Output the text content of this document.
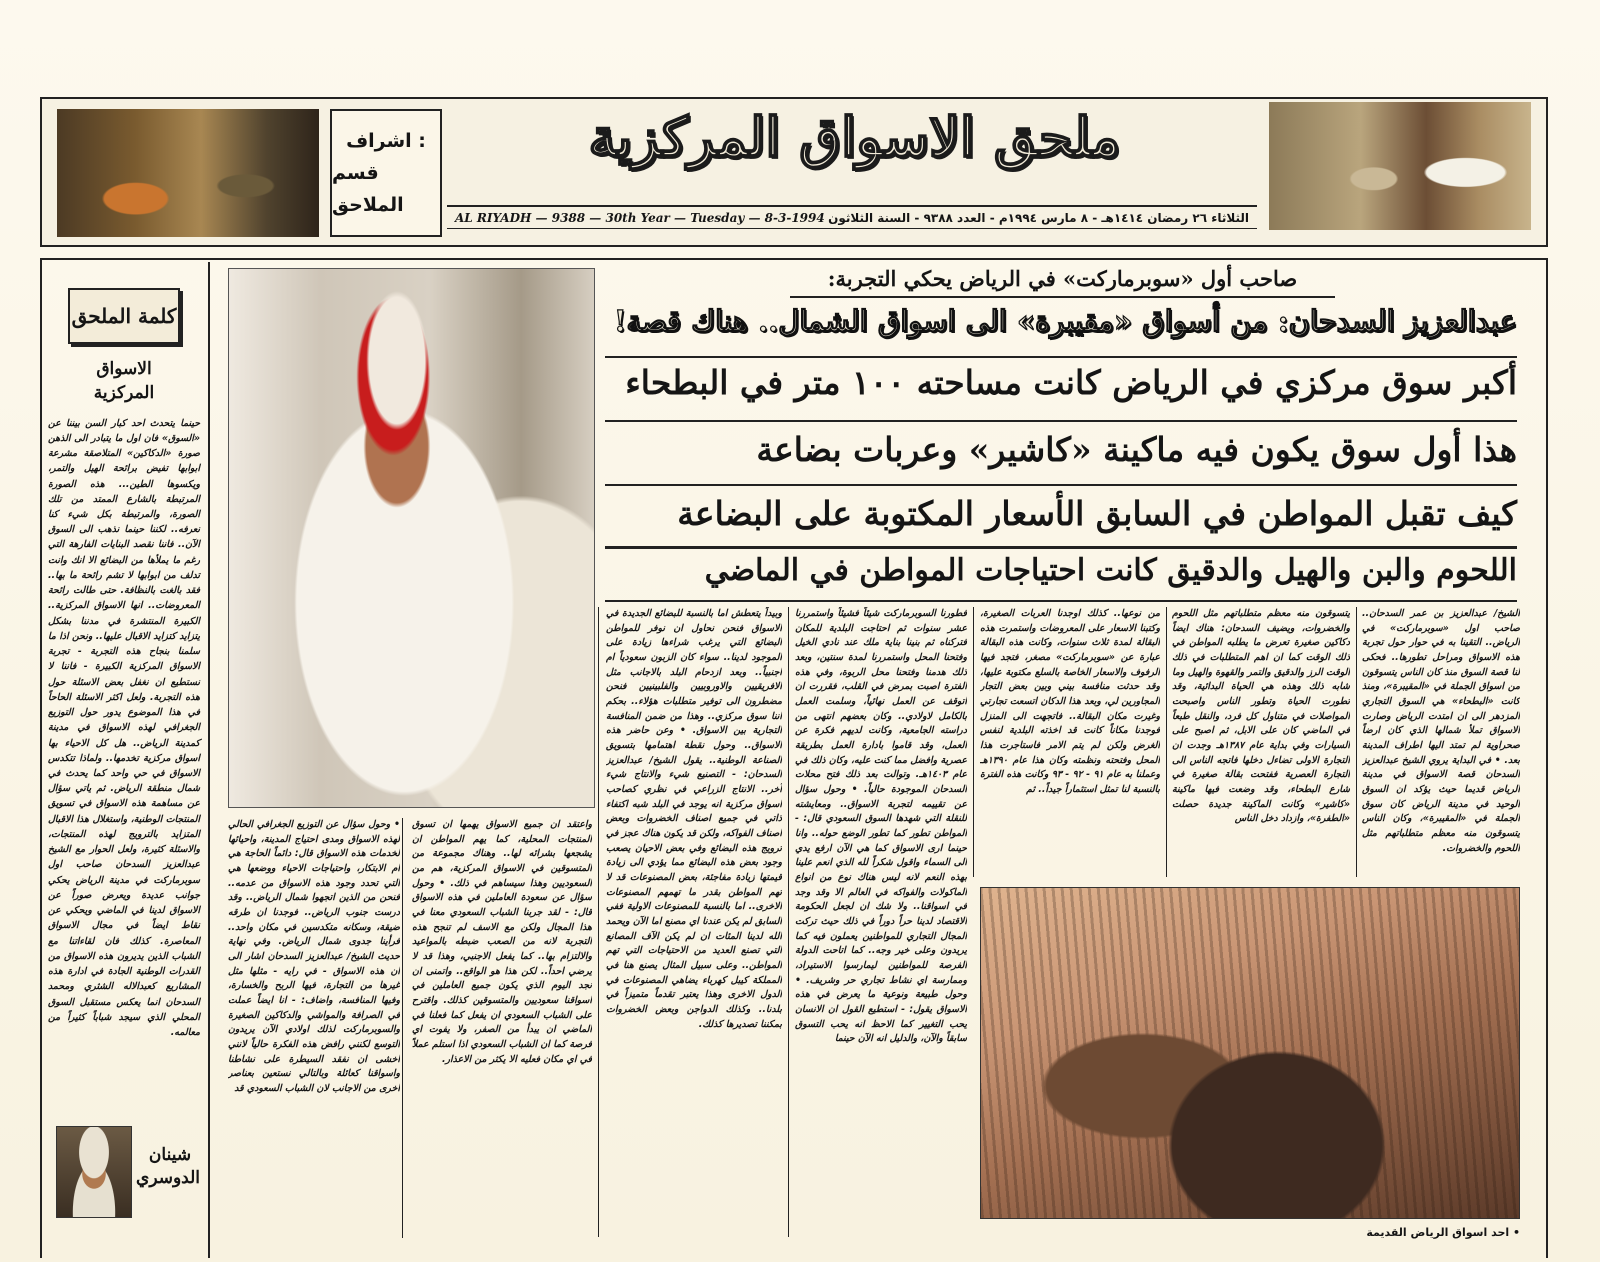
اشراف :
قسم الملاحق
ملحق الاسواق المركزية
AL RIYADH — 9388 — 30th Year — Tuesday — 8-3-1994 الثلاثاء ٢٦ رمضان ١٤١٤هـ - ٨ مارس ١٩٩٤م - العدد ٩٣٨٨ - السنة الثلاثون
كلمة الملحق
الاسواق
المركزية
حينما يتحدث احد كبار السن بيننا عن «السوق» فان اول ما يتبادر الى الذهن صورة «الدكاكين» المتلاصقة مشرعة ابوابها تفيض برائحة الهيل والتمر، ويكسوها الطين... هذه الصورة المرتبطة بالشارع الممتد من تلك الصورة، والمرتبطة بكل شيء كنا نعرفه.. لكننا حينما نذهب الى السوق الآن.. فاننا نقصد البنايات الفارهة التي رغم ما يملأها من البضائع الا انك وانت تدلف من ابوابها لا تشم رائحة ما بها.. فقد بالغت بالنظافة. حتى طالت رائحة المعروضات.. انها الاسواق المركزية.. الكبيرة المنتشرة في مدننا بشكل يتزايد كتزايد الاقبال عليها.. ونحن اذا ما سلمنا بنجاح هذه التجربة - تجربة الاسواق المركزية الكبيرة - فاننا لا نستطيع ان نغفل بعض الاسئلة حول هذه التجربة. ولعل اكثر الاسئلة الحاحاً في هذا الموضوع يدور حول التوزيع الجغرافي لهذه الاسواق في مدينة كمدينة الرياض.. هل كل الاحياء بها اسواق مركزية تخدمها.. ولماذا تتكدس الاسواق في حي واحد كما يحدث في شمال منطقة الرياض. ثم ياتي سؤال عن مساهمة هذه الاسواق في تسويق المنتجات الوطنية، واستغلال هذا الاقبال المتزايد بالترويج لهذه المنتجات، والاسئلة كثيرة، ولعل الحوار مع الشيخ عبدالعزيز السدحان صاحب اول سوبرماركت في مدينة الرياض يحكي جوانب عديدة ويعرض صوراً عن الاسواق لدينا في الماضي ويحكي عن نقاط ايضاً في مجال الاسواق المعاصرة. كذلك فان لقاءاتنا مع الشباب الذين يديرون هذه الاسواق من القدرات الوطنية الجادة في ادارة هذه المشاريع كعبدالاله الشثري ومحمد السدحان انما يعكس مستقبل السوق المحلي الذي سيجد شباباً كثيراً من معالمه.
شينان الدوسري
صاحب أول «سوبرماركت» في الرياض يحكي التجربة:
عبدالعزيز السدحان: من أسواق «مقيبرة» الى اسواق الشمال.. هناك قصة!
أكبر سوق مركزي في الرياض كانت مساحته ١٠٠ متر في البطحاء
هذا أول سوق يكون فيه ماكينة «كاشير» وعربات بضاعة
كيف تقبل المواطن في السابق الأسعار المكتوبة على البضاعة
اللحوم والبن والهيل والدقيق كانت احتياجات المواطن في الماضي
الشيخ/ عبدالعزيز بن عمر السدحان.. صاحب اول «سوبرماركت» في الرياض.. التقينا به في حوار حول تجربة هذه الاسواق ومراحل تطورها.. فحكى لنا قصة السوق منذ كان الناس يتسوقون من اسواق الجملة في «المقيبرة»، ومنذ كانت «البطحاء» هي السوق التجاري المزدهر الى ان امتدت الرياض وصارت الاسواق تملأ شمالها الذي كان ارضاً صحراوية لم تمتد اليها اطراف المدينة بعد. • في البداية يروي الشيخ عبدالعزيز السدحان قصة الاسواق في مدينة الرياض قديما حيث يؤكد ان السوق الوحيد في مدينة الرياض كان سوق الجملة في «المقيبرة»، وكان الناس يتسوقون منه معظم متطلباتهم مثل اللحوم والخضروات.
يتسوقون منه معظم متطلباتهم مثل اللحوم والخضروات، ويضيف السدحان: هناك ايضاً دكاكين صغيرة تعرض ما يطلبه المواطن في ذلك الوقت كما ان اهم المتطلبات في ذلك الوقت الرز والدقيق والتمر والقهوة والهيل وما شابه ذلك وهذه هي الحياة البدائية، وقد تطورت الحياة وتطور الناس واصبحت المواصلات في متناول كل فرد، والنقل طبعاً في الماضي كان على الابل، ثم اصبح على السيارات وفي بداية عام ١٣٨٧هـ وجدت ان التجارة الاولى تضاءل دخلها فاتجه الناس الى التجارة العصرية ففتحت بقالة صغيرة في شارع البطحاء، وقد وضعت فيها ماكينة «كاشير» وكانت الماكينة جديدة حصلت «الطفرة»، وازداد دخل الناس
من نوعها.. كذلك اوجدنا العربات الصغيرة، وكتبنا الاسعار على المعروضات واستمرت هذه البقالة لمدة ثلاث سنوات، وكانت هذه البقالة عبارة عن «سوبرماركت» مصغر، فتجد فيها الرفوف والاسعار الخاصة بالسلع مكتوبة عليها، وقد حدثت منافسة بيني وبين بعض التجار المجاورين لي، وبعد هذا الدكان اتسعت تجارتي وغيرت مكان البقالة.. فاتجهت الى المنزل فوجدنا مكاناً كانت قد اخذته البلدية لنفس الغرض ولكن لم يتم الامر فاستاجرت هذا المحل وفتحته ونظمته وكان هذا عام ١٣٩٠هـ وعملنا به عام ٩١ - ٩٢ - ٩٣ وكانت هذه الفترة بالنسبة لنا تمثل استثماراً جيداً.. ثم
فطورنا السوبرماركت شيئاً فشيئاً واستمررنا عشر سنوات ثم احتاجت البلدية للمكان فتركناه ثم بنينا بناية ملك عند نادي الخيل وفتحنا المحل واستمررنا لمدة سنتين، وبعد ذلك هدمنا وفتحنا محل الربوة، وفي هذه الفترة اصبت بمرض في القلب، فقررت ان اتوقف عن العمل نهائياً، وسلمت العمل بالكامل لاولادي.. وكان بعضهم انتهى من دراسته الجامعية، وكانت لديهم فكرة عن العمل، وقد قاموا بادارة العمل بطريقة عصرية وافضل مما كنت عليه، وكان ذلك في عام ١٤٠٣هـ. وتوالت بعد ذلك فتح محلات السدحان الموجودة حالياً. • وحول سؤال عن تقييمه لتجربة الاسواق.. ومعايشته للنقلة التي شهدها السوق السعودي قال: - المواطن تطور كما تطور الوضع حوله.. وانا حينما ارى الاسواق كما هي الآن ارفع يدي الى السماء واقول شكراً لله الذي انعم علينا بهذه النعم لانه ليس هناك نوع من انواع الماكولات والفواكه في العالم الا وقد وجد في اسواقنا.. ولا شك ان لجعل الحكومة الاقتصاد لدينا حراً دوراً في ذلك حيث تركت المجال التجاري للمواطنين يعملون فيه كما يريدون وعلى خير وجه.. كما اتاحت الدولة الفرصة للمواطنين ليمارسوا الاستيراد، وممارسة اي نشاط تجاري حر وشريف. • وحول طبيعة ونوعية ما يعرض في هذه الاسواق يقول: - استطيع القول ان الانسان يحب التغيير كما الاحظ انه يحب التسوق سابقاً والآن، والدليل انه الآن حينما
وبيداً يتعطش اما بالنسبة للبضائع الجديدة في الاسواق فنحن نحاول ان نوفر للمواطن البضائع التي يرغب شراءها زيادة على الموجود لدينا.. سواء كان الزبون سعودياً ام اجنبياً.. وبعد ازدحام البلد بالاجانب مثل الافريقيين والاوروبيين والفلبينيين فنحن مضطرون الى توفير متطلبات هؤلاء.. بحكم اننا سوق مركزي.. وهذا من ضمن المنافسة التجارية بين الاسواق. • وعن حاضر هذه الاسواق.. وحول نقطة اهتمامها بتسويق الصناعة الوطنية.. يقول الشيخ/ عبدالعزيز السدحان: - التصنيع شيء والانتاج شيء آخر.. الانتاج الزراعي في نظري كصاحب اسواق مركزية انه يوجد في البلد شبه اكتفاء ذاتي في جميع اصناف الخضروات وبعض اصناف الفواكه، ولكن قد يكون هناك عجز في ترويج هذه البضائع وفي بعض الاحيان يصعب وجود بعض هذه البضائع مما يؤدي الى زيادة قيمتها زيادة مفاجئة، بعض المصنوعات قد لا تهم المواطن بقدر ما تهمهم المصنوعات الاخرى.. اما بالنسبة للمصنوعات الاولية ففي السابق لم يكن عندنا اي مصنع اما الآن ويحمد الله لدينا المئات ان لم يكن الآف المصانع التي تصنع العديد من الاحتياجات التي تهم المواطن.. وعلى سبيل المثال يصنع هنا في المملكة كيبل كهرباء يضاهي المصنوعات في الدول الاخرى وهذا يعتبر تقدماً متميزاً في بلدنا.. وكذلك الدواجن وبعض الخضروات بمكننا تصديرها كذلك.
واعتقد ان جميع الاسواق يهمها ان تسوق المنتجات المحلية، كما يهم المواطن ان يشجعها بشرائه لها.. وهناك مجموعة من المتسوقين في الاسواق المركزية، هم من السعوديين وهذا سيساهم في ذلك. • وحول سؤال عن سعودة العاملين في هذه الاسواق قال: - لقد جربنا الشباب السعودي معنا في هذا المجال ولكن مع الاسف لم تنجح هذه التجربة لانه من الصعب ضبطه بالمواعيد والالتزام بها.. كما يفعل الاجنبي، وهذا قد لا يرضي احداً.. لكن هذا هو الواقع.. واتمنى ان نجد اليوم الذي يكون جميع العاملين في اسواقنا سعوديين والمتسوقين كذلك. واقترح على الشباب السعودي ان يفعل كما فعلنا في الماضي ان يبدأ من الصفر، ولا يفوت اي فرصة كما ان الشباب السعودي اذا استلم عملاً في اي مكان فعليه الا يكثر من الاعذار.
• وحول سؤال عن التوزيع الجغرافي الحالي لهذه الاسواق ومدى احتياج المدينة، واحيائها لخدمات هذه الاسواق قال: دائماً الحاجة هي ام الابتكار، واحتياجات الاحياء ووضعها هي التي تحدد وجود هذه الاسواق من عدمه.. فنحن من الذين اتجهوا شمال الرياض.. وقد درست جنوب الرياض.. فوجدنا ان طرقه ضيقة، وسكانه متكدسين في مكان واحد.. فرأينا جدوى شمال الرياض. وفي نهاية حديث الشيخ/ عبدالعزيز السدحان اشار الى ان هذه الاسواق - في رايه - مثلها مثل غيرها من التجارة، فيها الربح والخسارة، وفيها المنافسة، واضاف: - انا ايضاً عملت في الصرافة والمواشي والدكاكين الصغيرة والسوبرماركت لذلك اولادي الآن يريدون التوسع لكنني رافض هذه الفكرة حالياً لانني اخشى ان نفقد السيطرة على نشاطنا واسواقنا كعائلة وبالتالي نستعين بعناصر اخرى من الاجانب لان الشباب السعودي قد
• احد اسواق الرياض القديمة
